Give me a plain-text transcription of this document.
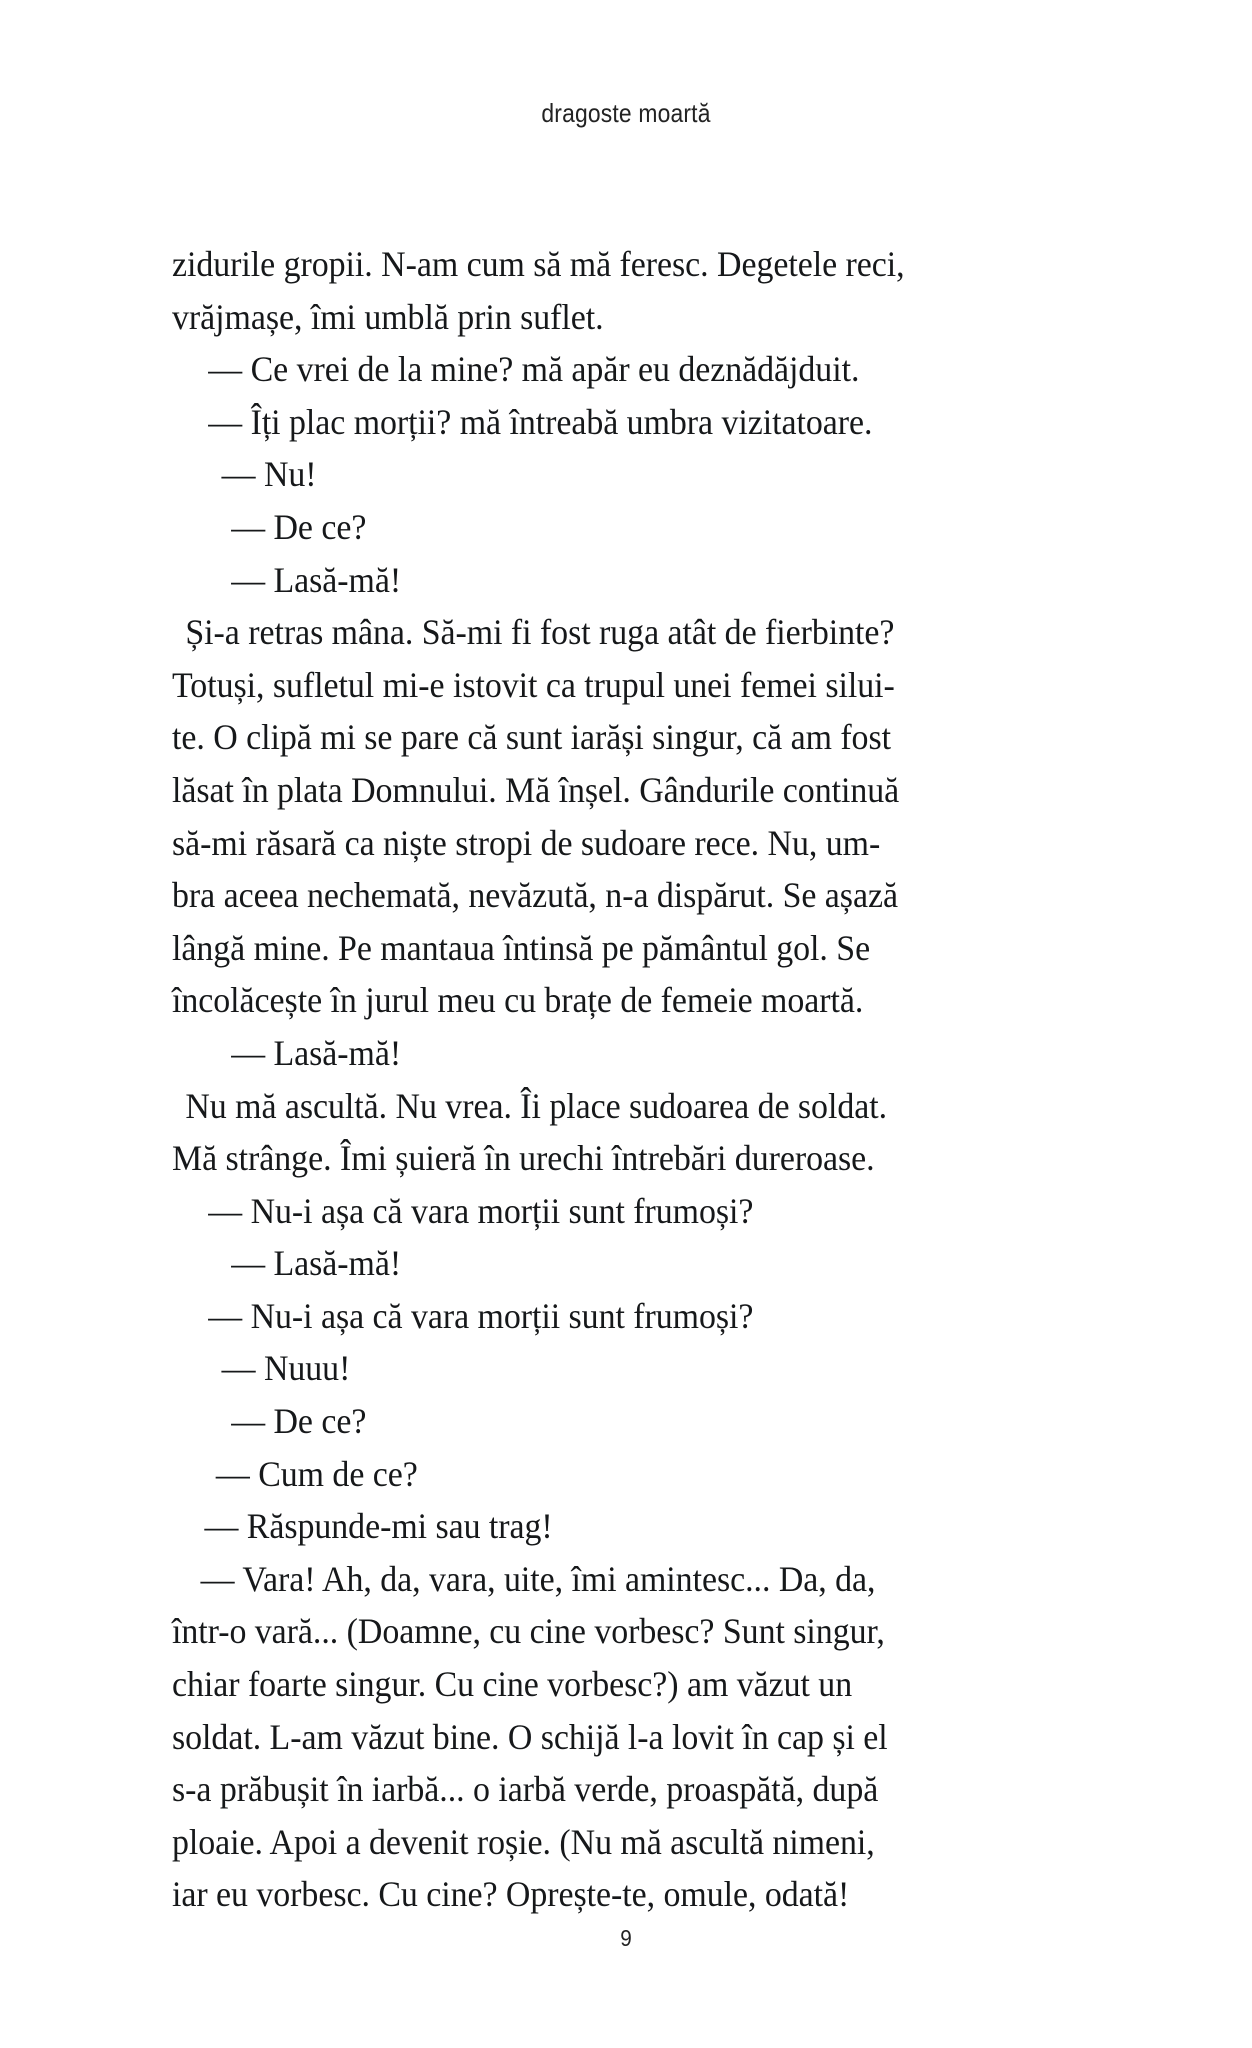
dragoste moartă
zidurile gropii. N-am cum să mă feresc. Degetele reci,
vrăjmașe, îmi umblă prin suflet.
— Ce vrei de la mine? mă apăr eu deznădăjduit.
— Îți plac morții? mă întreabă umbra vizitatoare.
— Nu!
— De ce?
— Lasă-mă!
Și-a retras mâna. Să-mi fi fost ruga atât de fierbinte?
Totuși, sufletul mi-e istovit ca trupul unei femei silui-
te. O clipă mi se pare că sunt iarăși singur, că am fost
lăsat în plata Domnului. Mă înșel. Gândurile continuă
să-mi răsară ca niște stropi de sudoare rece. Nu, um-
bra aceea nechemată, nevăzută, n-a dispărut. Se așază
lângă mine. Pe mantaua întinsă pe pământul gol. Se
încolăcește în jurul meu cu brațe de femeie moartă.
— Lasă-mă!
Nu mă ascultă. Nu vrea. Îi place sudoarea de soldat.
Mă strânge. Îmi șuieră în urechi întrebări dureroase.
— Nu-i așa că vara morții sunt frumoși?
— Lasă-mă!
— Nu-i așa că vara morții sunt frumoși?
— Nuuu!
— De ce?
— Cum de ce?
— Răspunde-mi sau trag!
— Vara! Ah, da, vara, uite, îmi amintesc... Da, da,
într-o vară... (Doamne, cu cine vorbesc? Sunt singur,
chiar foarte singur. Cu cine vorbesc?) am văzut un
soldat. L-am văzut bine. O schijă l-a lovit în cap și el
s-a prăbușit în iarbă... o iarbă verde, proaspătă, după
ploaie. Apoi a devenit roșie. (Nu mă ascultă nimeni,
iar eu vorbesc. Cu cine? Oprește-te, omule, odată!
9
